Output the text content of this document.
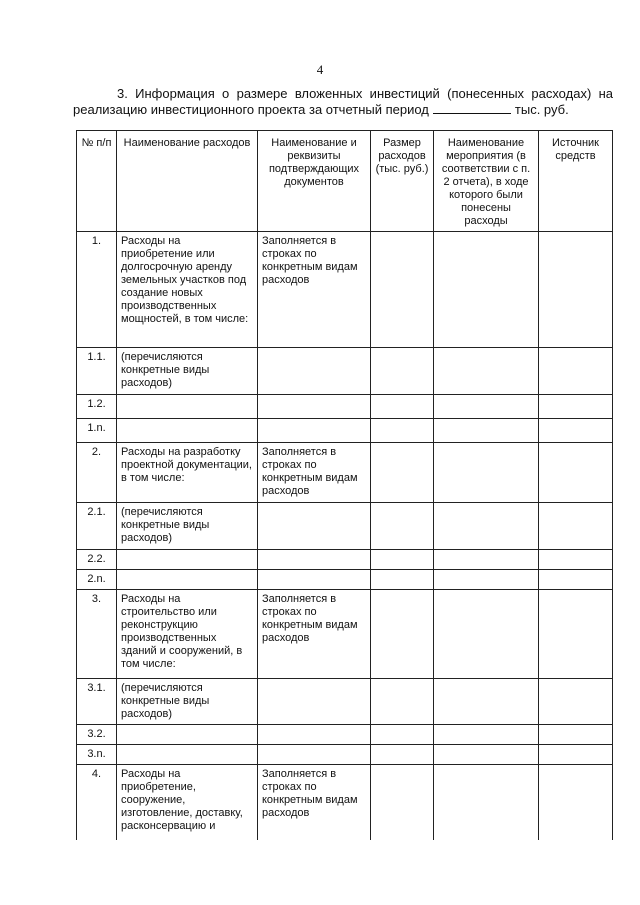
4
3. Информация о размере вложенных инвестиций (понесенных расходах) на
реализацию инвестиционного проекта за отчетный период	тыс. руб.
№ п/п	Наименование расходов	Наименование и реквизиты подтверждающих документов	Размер расходов (тыс. руб.)	Наименование мероприятия (в соответствии с п. 2 отчета), в ходе которого были понесены расходы	Источник средств
1.	Расходы на приобретение или долгосрочную аренду земельных участков под создание новых производственных мощностей, в том числе:	Заполняется в строках по конкретным видам расходов			
1.1.	(перечисляются конкретные виды расходов)				
1.2.					
1.n.					
2.	Расходы на разработку проектной документации, в том числе:	Заполняется в строках по конкретным видам расходов			
2.1.	(перечисляются конкретные виды расходов)				
2.2.					
2.n.					
3.	Расходы на строительство или реконструкцию производственных зданий и сооружений, в том числе:	Заполняется в строках по конкретным видам расходов			
3.1.	(перечисляются конкретные виды расходов)				
3.2.					
3.n.					
4.	Расходы на приобретение, сооружение, изготовление, доставку, расконсервацию и	Заполняется в строках по конкретным видам расходов			
